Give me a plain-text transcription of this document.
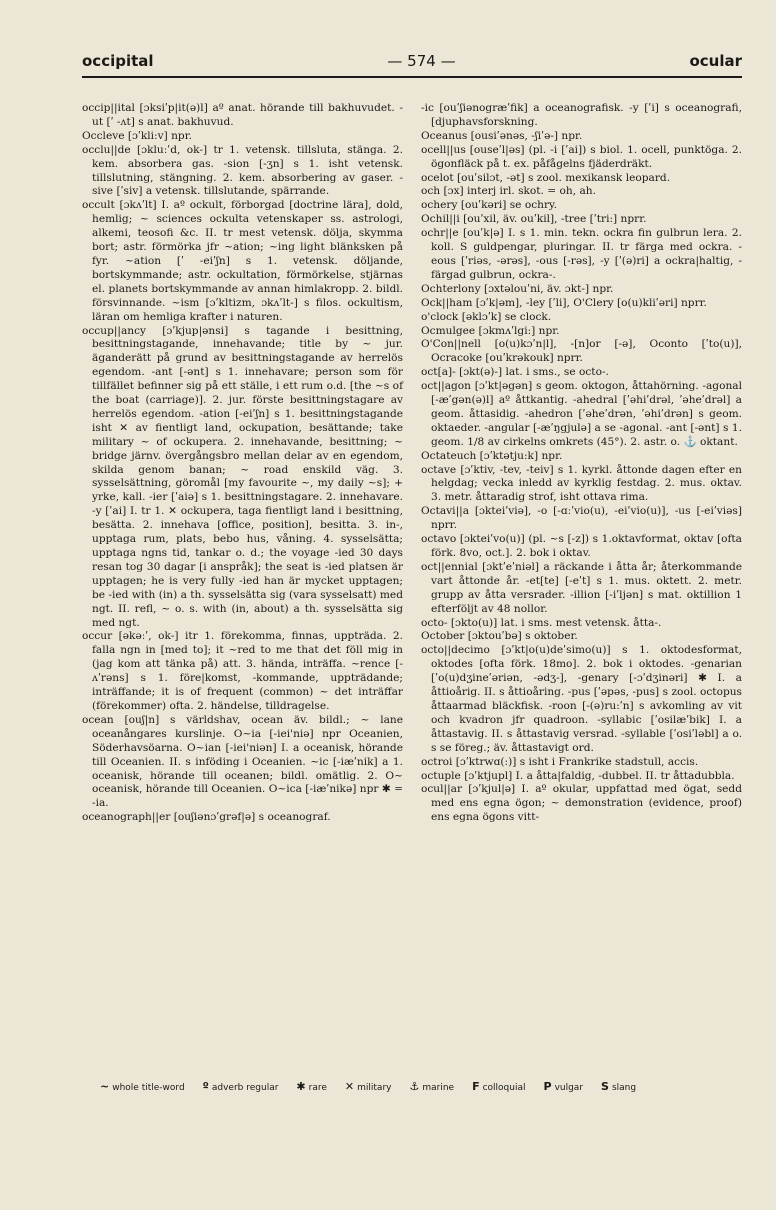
occipital	— 574 —	ocular

occip||ital [ɔksiʹp|it(ə)l] aº anat. hörande till bakhuvudet. -ut [ʹ -ʌt] s anat. bakhuvud.

Occleve [ɔʹkli:v] npr.

occlu||de [ɔkluːʹd, ok-] tr 1. vetensk. tillsluta, stänga. 2. kem. absorbera gas. -sion [-ʒn] s 1. isht vetensk. tillslutning, stängning. 2. kem. absorbering av gaser. -sive [ʹsiv] a vetensk. tillslutande, spärrande.

occult [ɔkʌʹlt] I. aº ockult, förborgad [doctrine lära], dold, hemlig; ~ sciences ockulta vetenskaper ss. astrologi, alkemi, teosofi &c. II. tr mest vetensk. dölja, skymma bort; astr. förmörka jfr ~ation; ~ing light blänksken på fyr. ~ation [ʹ -eiʹʃn] s 1. vetensk. döljande, bortskymmande; astr. ockultation, förmörkelse, stjärnas el. planets bortskymmande av annan himlakropp. 2. bildl. försvinnande. ~ism [ɔʹkltizm, ɔkʌʹlt-] s filos. ockultism, läran om hemliga krafter i naturen.

occup||ancy [ɔʹkjup|ənsi] s tagande i besittning, besittningstagande, innehavande; title by ~ jur. äganderätt på grund av besittningstagande av herrelös egendom. -ant [-ənt] s 1. innehavare; person som för tillfället befinner sig på ett ställe, i ett rum o.d. [the ~s of the boat (carriage)]. 2. jur. förste besittningstagare av herrelös egendom. -ation [-eiʹʃn] s 1. besittningstagande isht ✕ av fientligt land, ockupation, besättande; take military ~ of ockupera. 2. innehavande, besittning; ~ bridge järnv. övergångsbro mellan delar av en egendom, skilda genom banan; ~ road enskild väg. 3. sysselsättning, göromål [my favourite ~, my daily ~s]; + yrke, kall. -ier [ʹaiə] s 1. besittningstagare. 2. innehavare. -y [ʹai] I. tr 1. ✕ ockupera, taga fientligt land i besittning, besätta. 2. innehava [office, position], besitta. 3. in-, upptaga rum, plats, bebo hus, våning. 4. sysselsätta; upptaga ngns tid, tankar o. d.; the voyage -ied 30 days resan tog 30 dagar [i anspråk]; the seat is -ied platsen är upptagen; he is very fully -ied han är mycket upptagen; be -ied with (in) a th. sysselsätta sig (vara sysselsatt) med ngt. II. refl, ~ o. s. with (in, about) a th. sysselsätta sig med ngt.

occur [əkəːʹ, ok-] itr 1. förekomma, finnas, uppträda. 2. falla ngn in [med to]; it ~red to me that det föll mig in (jag kom att tänka på) att. 3. hända, inträffa. ~rence [-ʌʹrəns] s 1. före|komst, -kommande, uppträdande; inträffande; it is of frequent (common) ~ det inträffar (förekommer) ofta. 2. händelse, tilldragelse.

ocean [ouʃ|n] s världshav, ocean äv. bildl.; ~ lane oceanångares kurslinje. O~ia [-iei'niə] npr Oceanien, Söderhavsöarna. O~ian [-iei'niən] I. a oceanisk, hörande till Oceanien. II. s inföding i Oceanien. ~ic [-iæʹnik] a 1. oceanisk, hörande till oceanen; bildl. omätlig. 2. O~ oceanisk, hörande till Oceanien. O~ica [-iæʹnikə] npr ✱ = -ia.

oceanograph||er [ouʃiənɔʹgrəf|ə] s oceanograf.

-ic [ouʹʃiənogræʹfik] a oceanografisk. -y [ʹi] s oceanografi, [djuphavsforskning.

Oceanus [ousiʹənəs, -ʃiʹə-] npr.

ocell||us [ouseʹl|əs] (pl. -i [ʹai]) s biol. 1. ocell, punktöga. 2. ögonfläck på t. ex. påfågelns fjäderdräkt.

ocelot [ouʹsilɔt, -ət] s zool. mexikansk leopard.

och [ɔx] interj irl. skot. = oh, ah.

ochery [ouʹkəri] se ochry.

Ochil||i [ouʹxil, äv. ouʹkil], -tree [ʹtri:] nprr.

ochr||e [ouʹk|ə] I. s 1. min. tekn. ockra fin gulbrun lera. 2. koll. S guldpengar, pluringar. II. tr färga med ockra. -eous [ʹriəs, -ərəs], -ous [-rəs], -y [ʹ(ə)ri] a ockra|haltig, -färgad gulbrun, ockra-.

Ochterlony [ɔxtəlouʹni, äv. ɔkt-] npr.

Ock||ham [ɔʹk|əm], -ley [ʹli], O'Clery [o(u)kliʹəri] nprr.

o'clock [əklɔʹk] se clock.

Ocmulgee [ɔkmʌʹlgi:] npr.

O'Con||nell [o(u)kɔʹn|l], -[n]or [-ə], Oconto [ʹto(u)], Ocracoke [ouʹkrəkouk] nprr.

oct[a]- [ɔkt(ə)-] lat. i sms., se octo-.

oct||agon [ɔʹkt|əgən] s geom. oktogon, åttahörning. -agonal [-æʹgən(ə)l] aº åttkantig. -ahedral [ʹəhiʹdrəl, ʹəheʹdrəl] a geom. åttasidig. -ahedron [ʹəheʹdrən, ʹəhiʹdrən] s geom. oktaeder. -angular [-æʹŋgjulə] a se -agonal. -ant [-ənt] s 1. geom. 1/8 av cirkelns omkrets (45°). 2. astr. o. ⚓ oktant.

Octateuch [ɔʹktətju:k] npr.

octave [ɔʹktiv, -tev, -teiv] s 1. kyrkl. åttonde dagen efter en helgdag; vecka inledd av kyrklig festdag. 2. mus. oktav. 3. metr. åttaradig strof, isht ottava rima.

Octavi||a [ɔkteiʹviə], -o [-ɑːʹvio(u), -eiʹvio(u)], -us [-eiʹviəs] nprr.

octavo [ɔkteiʹvo(u)] (pl. ~s [-z]) s 1.oktavformat, oktav [ofta förk. 8vo, oct.]. 2. bok i oktav.

oct||ennial [ɔktʹeʹniəl] a räckande i åtta år; återkommande vart åttonde år. -et[te] [-eʹt] s 1. mus. oktett. 2. metr. grupp av åtta versrader. -illion [-iʹljən] s mat. oktillion 1 efterföljt av 48 nollor.

octo- [ɔkto(u)] lat. i sms. mest vetensk. åtta-.

October [ɔktouʹbə] s oktober.

octo||decimo [ɔʹkt|o(u)deʹsimo(u)] s 1. oktodesformat, oktodes [ofta förk. 18mo]. 2. bok i oktodes. -genarian [ʹo(u)dʒineʹəriən, -ədʒ-], -genary [-ɔʹdʒinəri] ✱ I. a åttioårig. II. s åttioåring. -pus [ʹəpəs, -pus] s zool. octopus åttaarmad bläckfisk. -roon [-(ə)ru:ʹn] s avkomling av vit och kvadron jfr quadroon. -syllabic [ʹosilæʹbik] I. a åttastavig. II. s åttastavig versrad. -syllable [ʹosiʹləbl] a o. s se föreg.; äv. åttastavigt ord.

octroi [ɔʹktrwɑ(:)] s isht i Frankrike stadstull, accis.

octuple [ɔʹktjupl] I. a åtta|faldig, -dubbel. II. tr åttadubbla.

ocul||ar [ɔʹkjul|ə] I. aº okular, uppfattad med ögat, sedd med ens egna ögon; ~ demonstration (evidence, proof) ens egna ögons vitt-

~ whole title-word º adverb regular ✱ rare ✕ military ⚓ marine F colloquial P vulgar S slang
